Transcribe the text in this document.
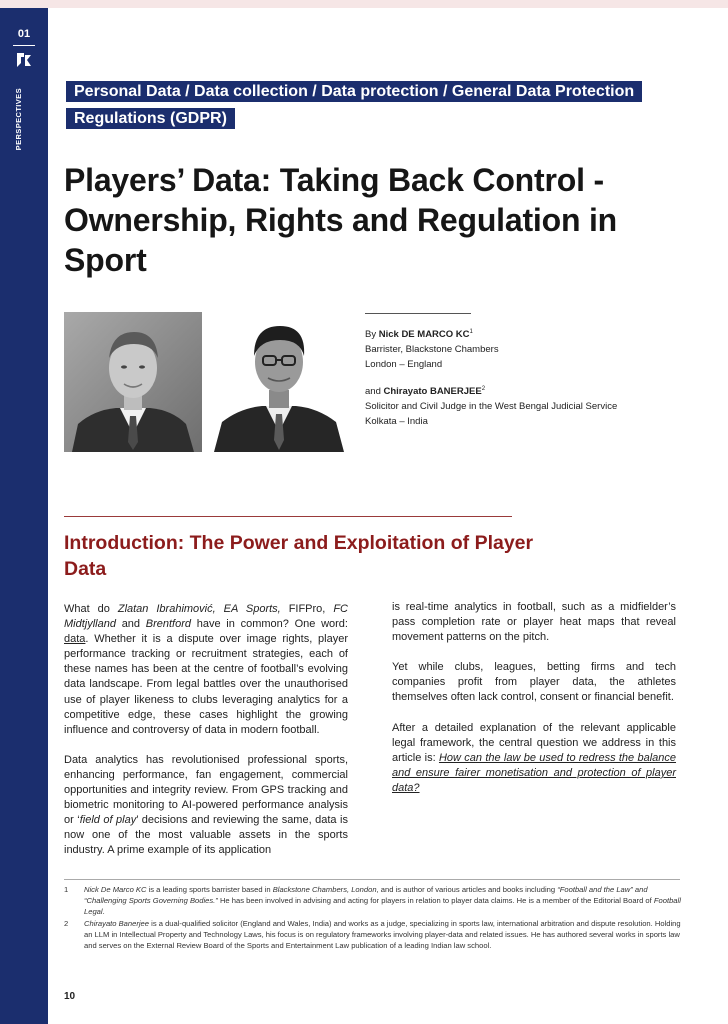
01
PERSPECTIVES	Personal Data / Data collection / Data protection / General Data Protection Regulations (GDPR)
Players’ Data: Taking Back Control - Ownership, Rights and Regulation in Sport
By Nick DE MARCO $KC^1$
Barrister, Blackstone Chambers
London – England
and Chirayato BANERJEE$^2$
Solicitor and Civil Judge in the West Bengal Judicial Service
Kolkata – India
Introduction: The Power and Exploitation of Player Data

What do Zlatan Ibrahimović, EA Sports, FIFPro, FC Midtjylland and Brentford have in common? One word: data. Whether it is a dispute over image rights, player performance tracking or recruitment strategies, each of these names has been at the centre of football’s evolving data landscape. From legal battles over the unauthorised use of player likeness to clubs leveraging analytics for a competitive edge, these cases highlight the growing influence and controversy of data in modern football.

Data analytics has revolutionised professional sports, enhancing performance, fan engagement, commercial opportunities and integrity review. From GPS tracking and biometric monitoring to AI-powered performance analysis or ‘field of play’ decisions and reviewing the same, data is now one of the most valuable assets in the sports industry. A prime example of its application

is real-time analytics in football, such as a midfielder’s pass completion rate or player heat maps that reveal movement patterns on the pitch.

Yet while clubs, leagues, betting firms and tech companies profit from player data, the athletes themselves often lack control, consent or financial benefit.

After a detailed explanation of the relevant applicable legal framework, the central question we address in this article is: How can the law be used to redress the balance and ensure fairer monetisation and protection of player data?

1	Nick De Marco KC is a leading sports barrister based in Blackstone Chambers, London, and is author of various articles and books including “Football and the Law” and “Challenging Sports Governing Bodies.” He has been involved in advising and acting for players in relation to player data claims. He is a member of the Editorial Board of Football Legal.
2	Chirayato Banerjee is a dual-qualified solicitor (England and Wales, India) and works as a judge, specializing in sports law, international arbitration and dispute resolution. Holding an LLM in Intellectual Property and Technology Laws, his focus is on regulatory frameworks involving player-data and related issues. He has authored several works in sports law and serves on the External Review Board of the Sports and Entertainment Law publication of a leading Indian law school.
10
